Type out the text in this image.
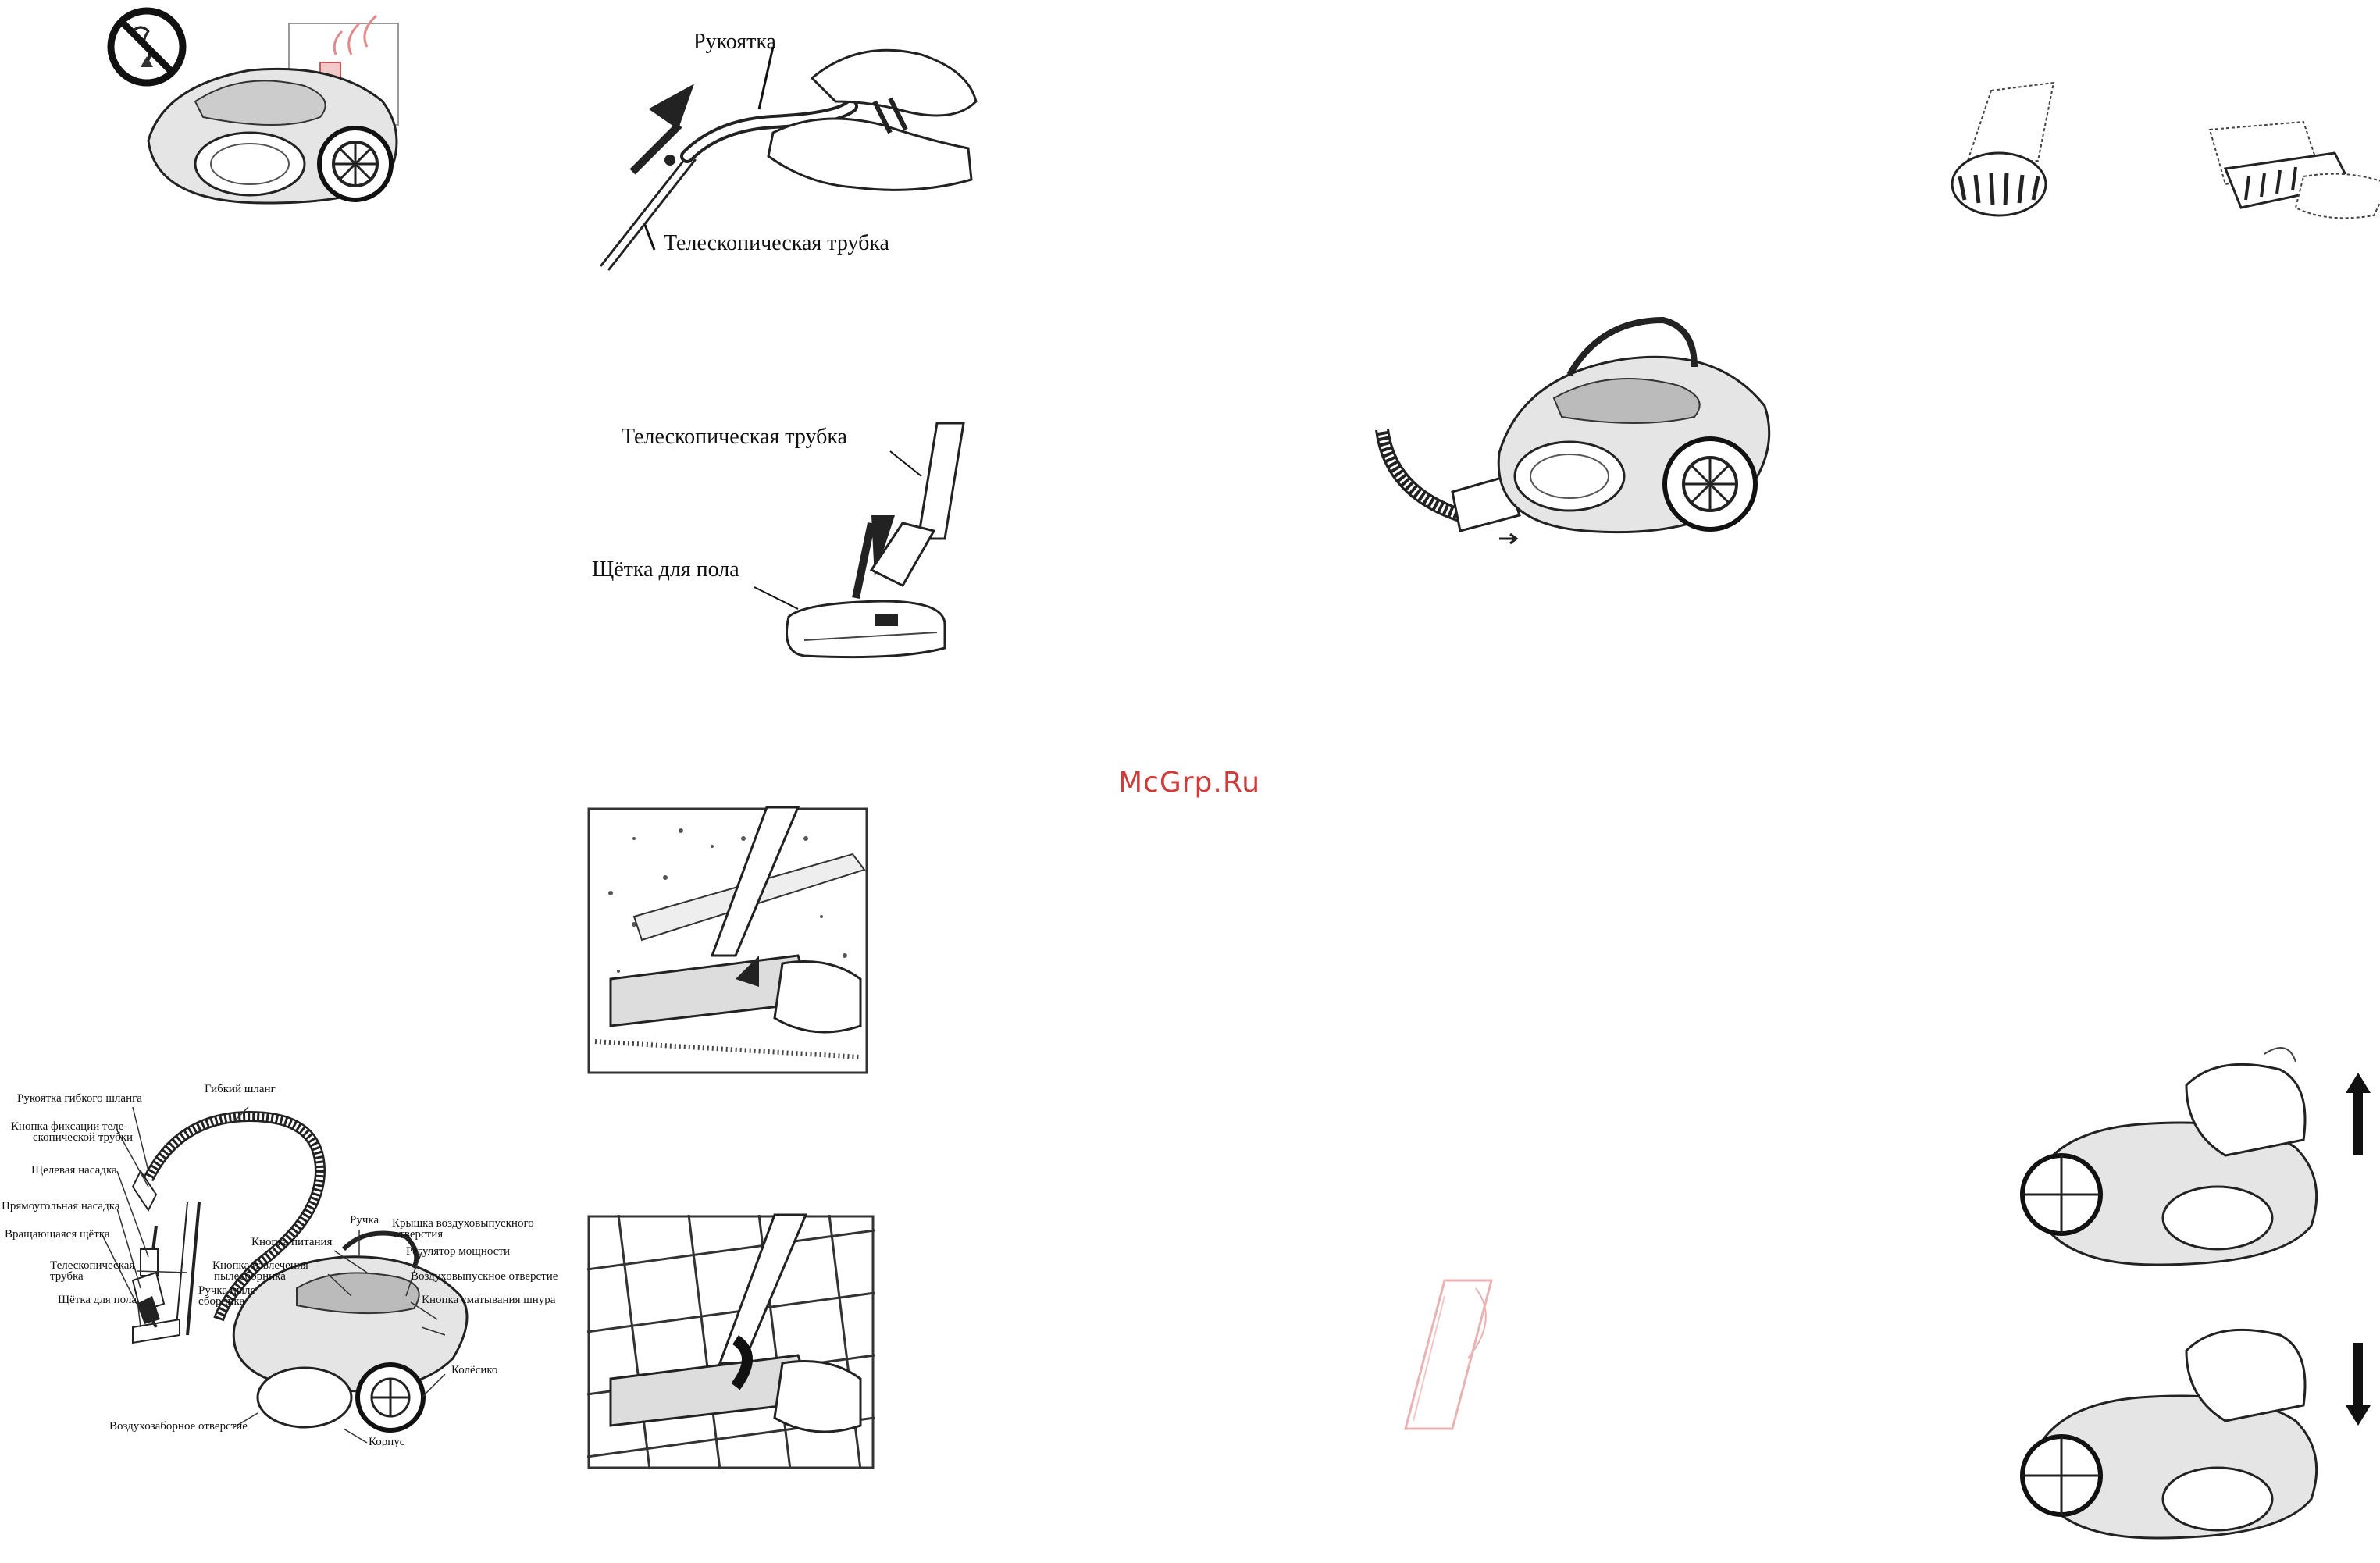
McGrp.Ru
Рукоятка
Телескопическая трубка
Телескопическая трубка
Щётка для пола
Рукоятка гибкого шланга
Гибкий шланг
Кнопка фиксации теле-
скопической трубки
Щелевая насадка
Прямоугольная насадка
Вращающаяся щётка
Телескопическая
трубка
Щётка для пола
Ручка пыле-
сборника
Кнопка извлечения
пылесборника
Кнопка питания
Ручка Крышка воздуховыпускного
отверстия
Регулятор мощности
Воздуховыпускное отверстие
Кнопка сматывания шнура
Колёсико
Воздухозаборное отверстие
Корпус
